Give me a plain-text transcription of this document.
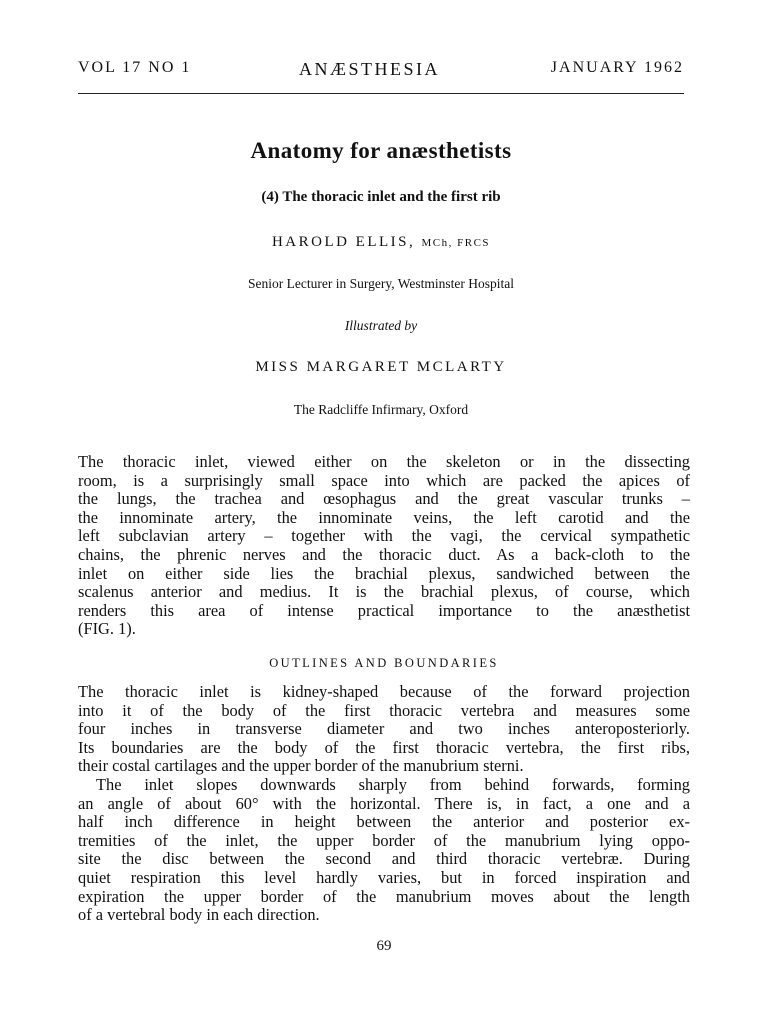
VOL 17 NO 1	ANÆSTHESIA	JANUARY 1962
Anatomy for anæsthetists
(4) The thoracic inlet and the first rib
HAROLD ELLIS, MCh, FRCS
Senior Lecturer in Surgery, Westminster Hospital
Illustrated by
MISS MARGARET MCLARTY
The Radcliffe Infirmary, Oxford
The thoracic inlet, viewed either on the skeleton or in the dissecting
room, is a surprisingly small space into which are packed the apices of
the lungs, the trachea and œsophagus and the great vascular trunks –
the innominate artery, the innominate veins, the left carotid and the
left subclavian artery – together with the vagi, the cervical sympathetic
chains, the phrenic nerves and the thoracic duct. As a back-cloth to the
inlet on either side lies the brachial plexus, sandwiched between the
scalenus anterior and medius. It is the brachial plexus, of course, which
renders this area of intense practical importance to the anæsthetist
(FIG. 1).
OUTLINES AND BOUNDARIES
The thoracic inlet is kidney-shaped because of the forward projection
into it of the body of the first thoracic vertebra and measures some
four inches in transverse diameter and two inches anteroposteriorly.
Its boundaries are the body of the first thoracic vertebra, the first ribs,
their costal cartilages and the upper border of the manubrium sterni.
The inlet slopes downwards sharply from behind forwards, forming
an angle of about 60° with the horizontal. There is, in fact, a one and a
half inch difference in height between the anterior and posterior ex-
tremities of the inlet, the upper border of the manubrium lying oppo-
site the disc between the second and third thoracic vertebræ. During
quiet respiration this level hardly varies, but in forced inspiration and
expiration the upper border of the manubrium moves about the length
of a vertebral body in each direction.
69
